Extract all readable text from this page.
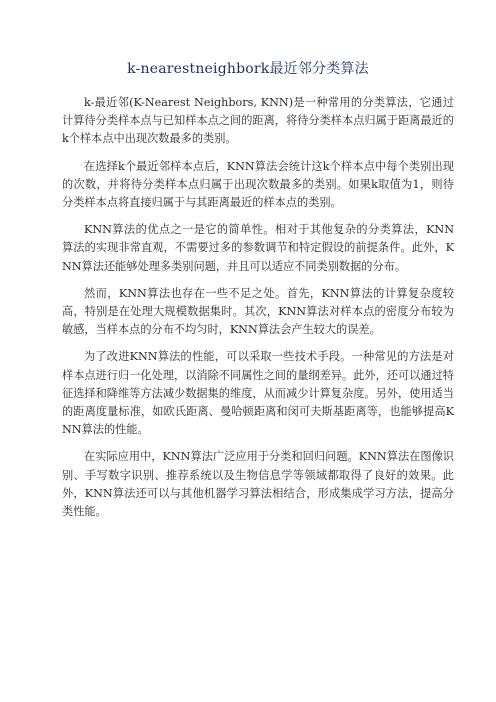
k-nearestneighbork最近邻分类算法

k-最近邻(K-Nearest Neighbors, KNN)是一种常用的分类算法，它通过计算待分类样本点与已知样本点之间的距离，将待分类样本点归属于距离最近的k个样本点中出现次数最多的类别。

在选择k个最近邻样本点后，KNN算法会统计这k个样本点中每个类别出现的次数，并将待分类样本点归属于出现次数最多的类别。如果k取值为1，则待分类样本点将直接归属于与其距离最近的样本点的类别。

KNN算法的优点之一是它的简单性。相对于其他复杂的分类算法，KNN 算法的实现非常直观，不需要过多的参数调节和特定假设的前提条件。此外，KNN算法还能够处理多类别问题，并且可以适应不同类别数据的分布。

然而，KNN算法也存在一些不足之处。首先，KNN算法的计算复杂度较高，特别是在处理大规模数据集时。其次，KNN算法对样本点的密度分布较为敏感，当样本点的分布不均匀时，KNN算法会产生较大的误差。

为了改进KNN算法的性能，可以采取一些技术手段。一种常见的方法是对样本点进行归一化处理，以消除不同属性之间的量纲差异。此外，还可以通过特征选择和降维等方法减少数据集的维度，从而减少计算复杂度。另外，使用适当的距离度量标准，如欧氏距离、曼哈顿距离和闵可夫斯基距离等，也能够提高KNN算法的性能。

在实际应用中，KNN算法广泛应用于分类和回归问题。KNN算法在图像识别、手写数字识别、推荐系统以及生物信息学等领域都取得了良好的效果。此外，KNN算法还可以与其他机器学习算法相结合，形成集成学习方法，提高分类性能。
